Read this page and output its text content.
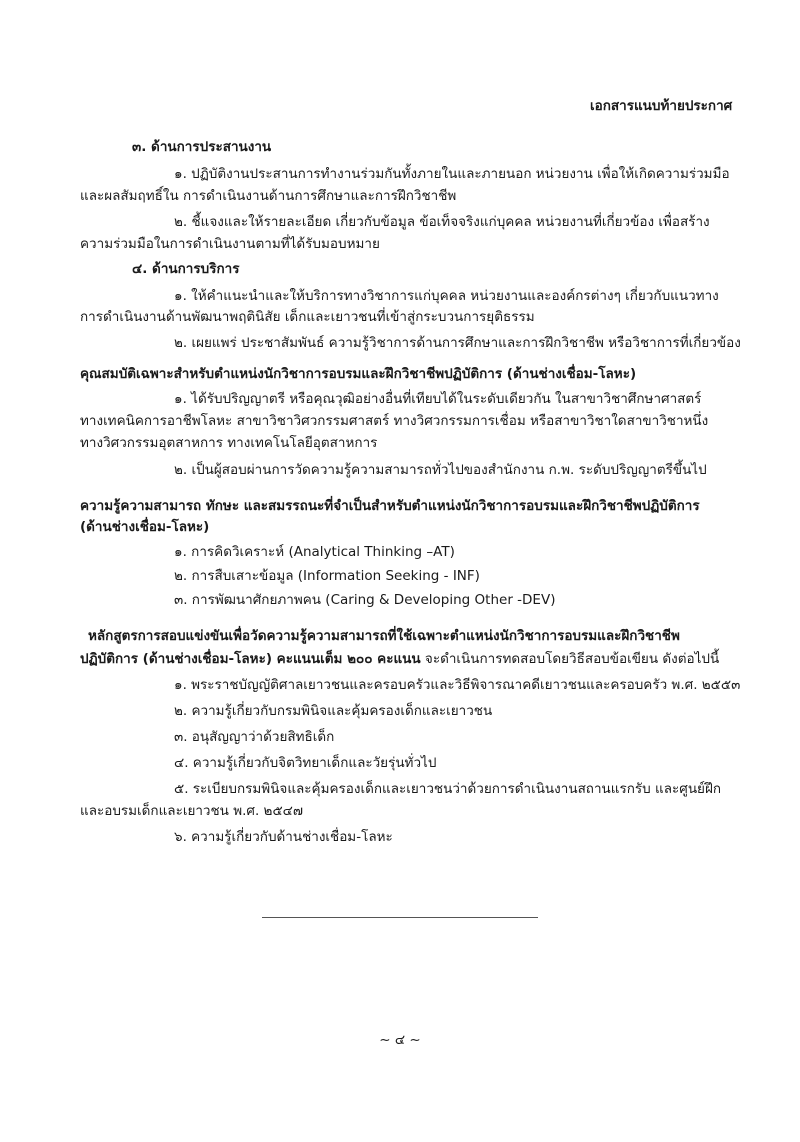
เอกสารแนบท้ายประกาศ

๓. ด้านการประสานงาน

๑. ปฏิบัติงานประสานการทำงานร่วมกันทั้งภายในและภายนอก หน่วยงาน เพื่อให้เกิดความร่วมมือ

และผลสัมฤทธิ์ใน การดำเนินงานด้านการศึกษาและการฝึกวิชาชีพ

๒. ชี้แจงและให้รายละเอียด เกี่ยวกับข้อมูล ข้อเท็จจริงแก่บุคคล หน่วยงานที่เกี่ยวข้อง เพื่อสร้าง

ความร่วมมือในการดำเนินงานตามที่ได้รับมอบหมาย

๔. ด้านการบริการ

๑. ให้คำแนะนำและให้บริการทางวิชาการแก่บุคคล หน่วยงานและองค์กรต่างๆ เกี่ยวกับแนวทาง

การดำเนินงานด้านพัฒนาพฤตินิสัย เด็กและเยาวชนที่เข้าสู่กระบวนการยุติธรรม

๒. เผยแพร่ ประชาสัมพันธ์ ความรู้วิชาการด้านการศึกษาและการฝึกวิชาชีพ หรือวิชาการที่เกี่ยวข้อง

คุณสมบัติเฉพาะสำหรับตำแหน่งนักวิชาการอบรมและฝึกวิชาชีพปฏิบัติการ (ด้านช่างเชื่อม-โลหะ)

๑. ได้รับปริญญาตรี หรือคุณวุฒิอย่างอื่นที่เทียบได้ในระดับเดียวกัน ในสาขาวิชาศึกษาศาสตร์

ทางเทคนิคการอาชีพโลหะ สาขาวิชาวิศวกรรมศาสตร์ ทางวิศวกรรมการเชื่อม หรือสาขาวิชาใดสาขาวิชาหนึ่ง

ทางวิศวกรรมอุตสาหการ ทางเทคโนโลยีอุตสาหการ

๒. เป็นผู้สอบผ่านการวัดความรู้ความสามารถทั่วไปของสำนักงาน ก.พ. ระดับปริญญาตรีขึ้นไป

ความรู้ความสามารถ ทักษะ และสมรรถนะที่จำเป็นสำหรับตำแหน่งนักวิชาการอบรมและฝึกวิชาชีพปฏิบัติการ

(ด้านช่างเชื่อม-โลหะ)

๑. การคิดวิเคราะห์ (Analytical Thinking –AT)

๒. การสืบเสาะข้อมูล (Information Seeking - INF)

๓. การพัฒนาศักยภาพคน (Caring & Developing Other -DEV)

หลักสูตรการสอบแข่งขันเพื่อวัดความรู้ความสามารถที่ใช้เฉพาะตำแหน่งนักวิชาการอบรมและฝึกวิชาชีพ

ปฏิบัติการ (ด้านช่างเชื่อม-โลหะ) คะแนนเต็ม ๒๐๐ คะแนน จะดำเนินการทดสอบโดยวิธีสอบข้อเขียน ดังต่อไปนี้

๑. พระราชบัญญัติศาลเยาวชนและครอบครัวและวิธีพิจารณาคดีเยาวชนและครอบครัว พ.ศ. ๒๕๕๓

๒. ความรู้เกี่ยวกับกรมพินิจและคุ้มครองเด็กและเยาวชน

๓. อนุสัญญาว่าด้วยสิทธิเด็ก

๔. ความรู้เกี่ยวกับจิตวิทยาเด็กและวัยรุ่นทั่วไป

๕. ระเบียบกรมพินิจและคุ้มครองเด็กและเยาวชนว่าด้วยการดำเนินงานสถานแรกรับ และศูนย์ฝึก

และอบรมเด็กและเยาวชน พ.ศ. ๒๕๔๗

๖. ความรู้เกี่ยวกับด้านช่างเชื่อม-โลหะ

~ ๔ ~
